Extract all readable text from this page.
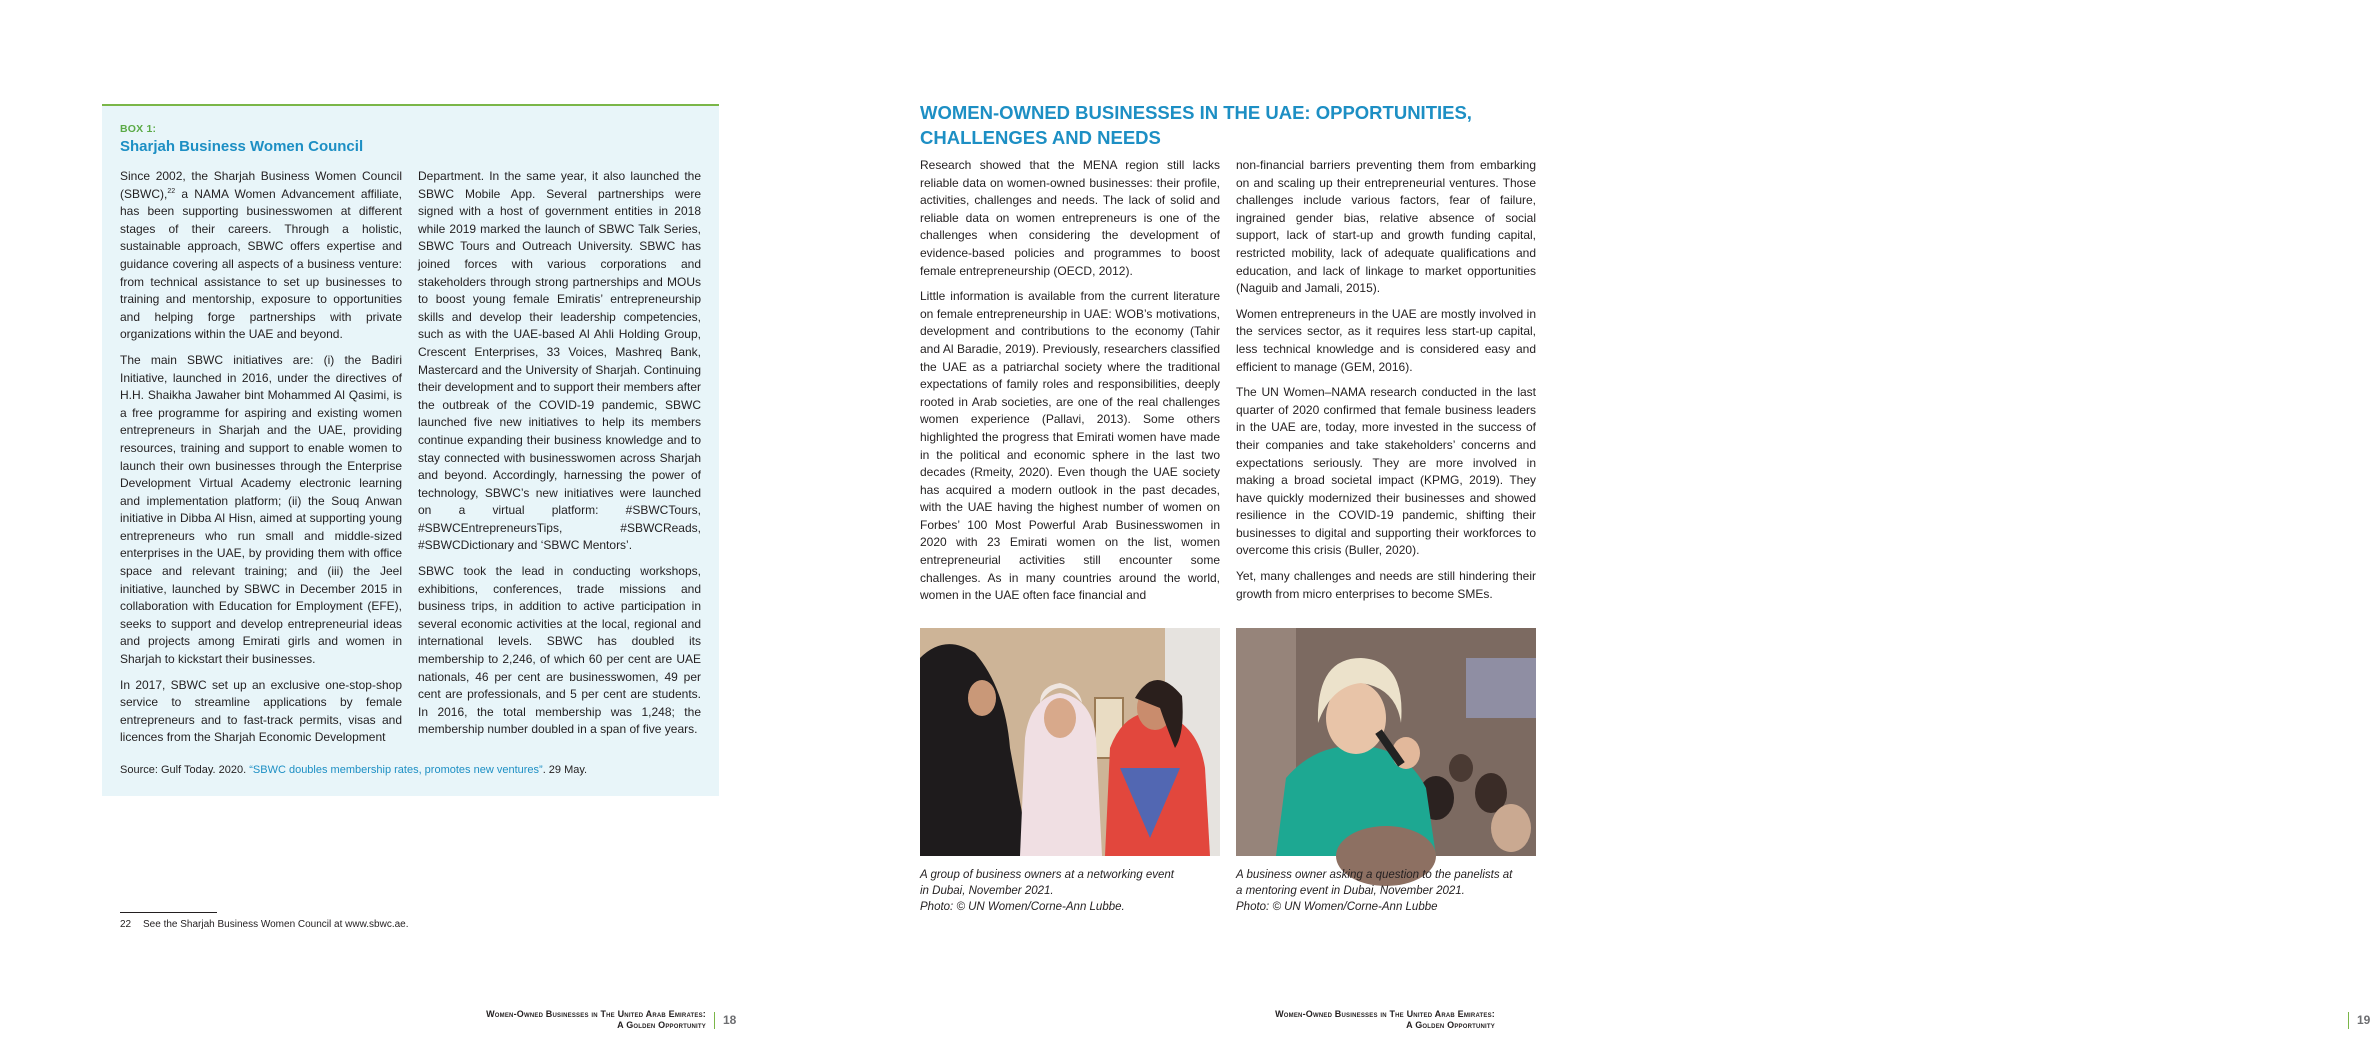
BOX 1:
Sharjah Business Women Council

Since 2002, the Sharjah Business Women Council (SBWC),$^{22}$ a NAMA Women Advancement affiliate, has been supporting businesswomen at different stages of their careers. Through a holistic, sustainable approach, SBWC offers expertise and guidance covering all aspects of a business venture: from technical assistance to set up businesses to training and mentorship, exposure to opportunities and helping forge partnerships with private organizations within the UAE and beyond.

The main SBWC initiatives are: (i) the Badiri Initiative, launched in 2016, under the directives of H.H. Shaikha Jawaher bint Mohammed Al Qasimi, is a free programme for aspiring and existing women entrepreneurs in Sharjah and the UAE, providing resources, training and support to enable women to launch their own businesses through the Enterprise Development Virtual Academy electronic learning and implementation platform; (ii) the Souq Anwan initiative in Dibba Al Hisn, aimed at supporting young entrepreneurs who run small and middle-sized enterprises in the UAE, by providing them with office space and relevant training; and (iii) the Jeel initiative, launched by SBWC in December 2015 in collaboration with Education for Employment (EFE), seeks to support and develop entrepreneurial ideas and projects among Emirati girls and women in Sharjah to kickstart their businesses.

In 2017, SBWC set up an exclusive one-stop-shop service to streamline applications by female entrepreneurs and to fast-track permits, visas and licences from the Sharjah Economic Development

Department. In the same year, it also launched the SBWC Mobile App. Several partnerships were signed with a host of government entities in 2018 while 2019 marked the launch of SBWC Talk Series, SBWC Tours and Outreach University. SBWC has joined forces with various corporations and stakeholders through strong partnerships and MOUs to boost young female Emiratis’ entrepreneurship skills and develop their leadership competencies, such as with the UAE-based Al Ahli Holding Group, Crescent Enterprises, 33 Voices, Mashreq Bank, Mastercard and the University of Sharjah. Continuing their development and to support their members after the outbreak of the COVID-19 pandemic, SBWC launched five new initiatives to help its members continue expanding their business knowledge and to stay connected with businesswomen across Sharjah and beyond. Accordingly, harnessing the power of technology, SBWC’s new initiatives were launched on a virtual platform: #SBWCTours, #SBWCEntrepreneursTips, #SBWCReads, #SBWCDictionary and ‘SBWC Mentors’.

SBWC took the lead in conducting workshops, exhibitions, conferences, trade missions and business trips, in addition to active participation in several economic activities at the local, regional and international levels. SBWC has doubled its membership to 2,246, of which 60 per cent are UAE nationals, 46 per cent are businesswomen, 49 per cent are professionals, and 5 per cent are students. In 2016, the total membership was 1,248; the membership number doubled in a span of five years.

Source: Gulf Today. 2020. “SBWC doubles membership rates, promotes new ventures”. 29 May.
22 See the Sharjah Business Women Council at www.sbwc.ae.
Women-Owned Businesses in The United Arab Emirates:
A Golden Opportunity	18
WOMEN-OWNED BUSINESSES IN THE UAE: OPPORTUNITIES, CHALLENGES AND NEEDS

Research showed that the MENA region still lacks reliable data on women-owned businesses: their profile, activities, challenges and needs. The lack of solid and reliable data on women entrepreneurs is one of the challenges when considering the development of evidence-based policies and programmes to boost female entrepreneurship (OECD, 2012).

Little information is available from the current literature on female entrepreneurship in UAE: WOB’s motivations, development and contributions to the economy (Tahir and Al Baradie, 2019). Previously, researchers classified the UAE as a patriarchal society where the traditional expectations of family roles and responsibilities, deeply rooted in Arab societies, are one of the real challenges women experience (Pallavi, 2013). Some others highlighted the progress that Emirati women have made in the political and economic sphere in the last two decades (Rmeity, 2020). Even though the UAE society has acquired a modern outlook in the past decades, with the UAE having the highest number of women on Forbes’ 100 Most Powerful Arab Businesswomen in 2020 with 23 Emirati women on the list, women entrepreneurial activities still encounter some challenges. As in many countries around the world, women in the UAE often face financial and

non-financial barriers preventing them from embarking on and scaling up their entrepreneurial ventures. Those challenges include various factors, fear of failure, ingrained gender bias, relative absence of social support, lack of start-up and growth funding capital, restricted mobility, lack of adequate qualifications and education, and lack of linkage to market opportunities (Naguib and Jamali, 2015).

Women entrepreneurs in the UAE are mostly involved in the services sector, as it requires less start-up capital, less technical knowledge and is considered easy and efficient to manage (GEM, 2016).

The UN Women–NAMA research conducted in the last quarter of 2020 confirmed that female business leaders in the UAE are, today, more invested in the success of their companies and take stakeholders’ concerns and expectations seriously. They are more involved in making a broad societal impact (KPMG, 2019). They have quickly modernized their businesses and showed resilience in the COVID-19 pandemic, shifting their businesses to digital and supporting their workforces to overcome this crisis (Buller, 2020).

Yet, many challenges and needs are still hindering their growth from micro enterprises to become SMEs.

A group of business owners at a networking event
in Dubai, November 2021.
Photo: © UN Women/Corne-Ann Lubbe.
A business owner asking a question to the panelists at
a mentoring event in Dubai, November 2021.
Photo: © UN Women/Corne-Ann Lubbe
Women-Owned Businesses in The United Arab Emirates:
A Golden Opportunity	19
